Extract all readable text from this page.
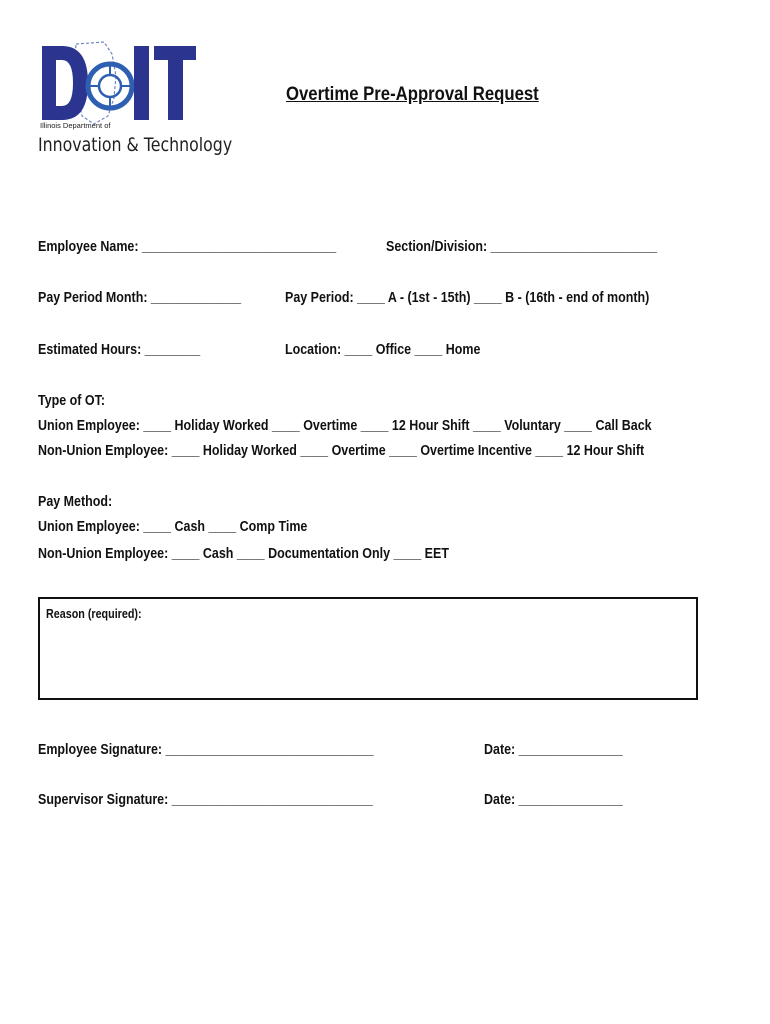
Illinois Department of
Innovation & Technology
Overtime Pre-Approval Request
Employee Name: ____________________________	Section/Division: ________________________
Pay Period Month: _____________	Pay Period: ____ A - (1st - 15th) ____ B - (16th - end of month)
Estimated Hours: ________	Location: ____ Office ____ Home
Type of OT:
Union Employee: ____ Holiday Worked ____ Overtime ____ 12 Hour Shift ____ Voluntary ____ Call Back
Non-Union Employee: ____ Holiday Worked ____ Overtime ____ Overtime Incentive ____ 12 Hour Shift
Pay Method:
Union Employee: ____ Cash ____ Comp Time
Non-Union Employee: ____ Cash ____ Documentation Only ____ EET
Reason (required):
Employee Signature: ______________________________	Date: _______________
Supervisor Signature: _____________________________	Date: _______________
